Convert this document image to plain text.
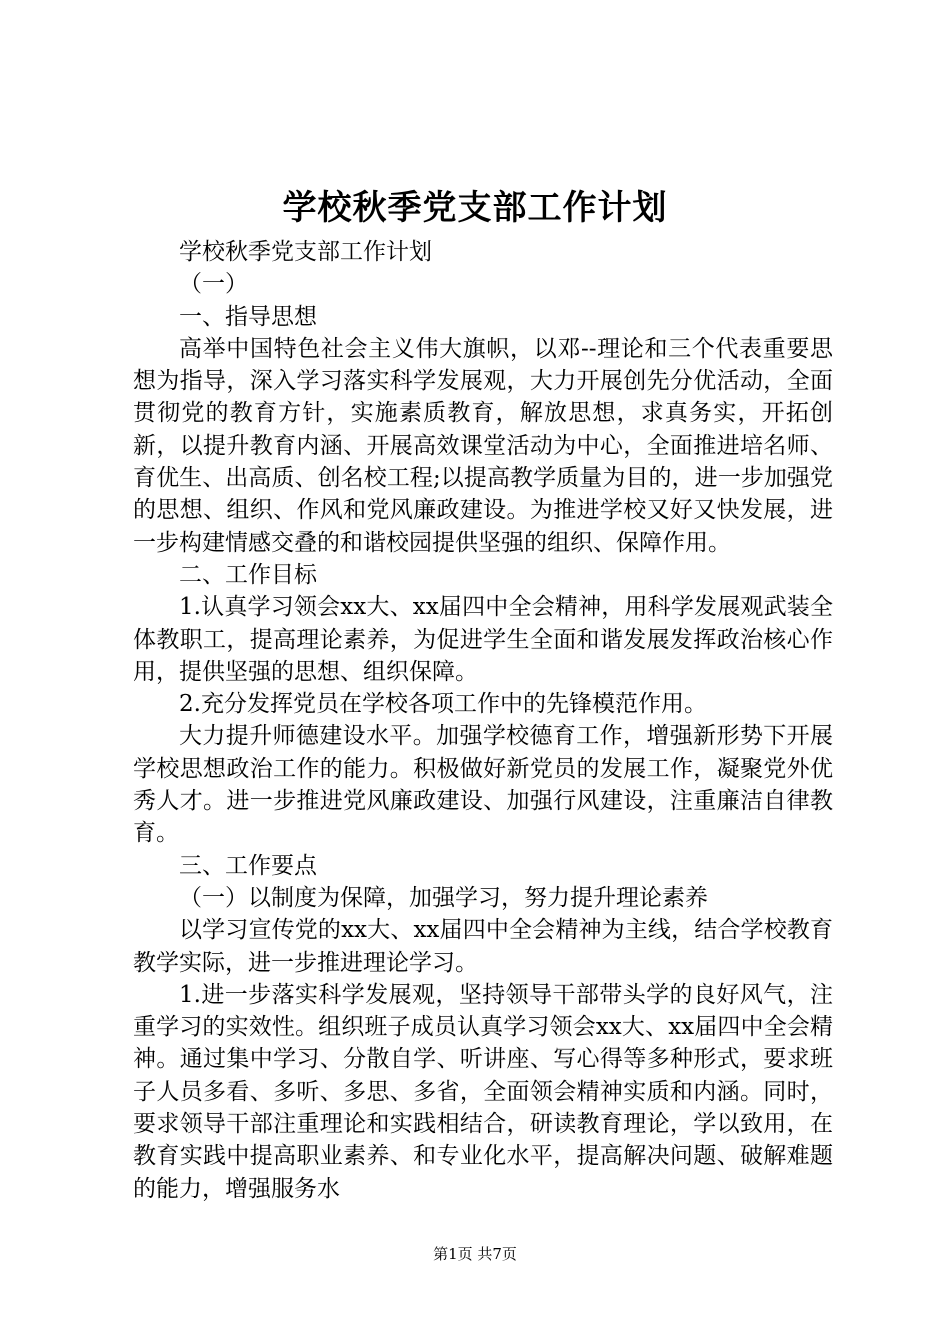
学校秋季党支部工作计划

学校秋季党支部工作计划

（一）

一、指导思想

高举中国特色社会主义伟大旗帜，以邓--理论和三个代表重要思想为指导，深入学习落实科学发展观，大力开展创先分优活动，全面贯彻党的教育方针，实施素质教育，解放思想，求真务实，开拓创新，以提升教育内涵、开展高效课堂活动为中心，全面推进培名师、育优生、出高质、创名校工程;以提高教学质量为目的，进一步加强党的思想、组织、作风和党风廉政建设。为推进学校又好又快发展，进一步构建情感交叠的和谐校园提供坚强的组织、保障作用。

二、工作目标

1.认真学习领会xx大、xx届四中全会精神，用科学发展观武装全体教职工，提高理论素养，为促进学生全面和谐发展发挥政治核心作用，提供坚强的思想、组织保障。

2.充分发挥党员在学校各项工作中的先锋模范作用。

大力提升师德建设水平。加强学校德育工作，增强新形势下开展学校思想政治工作的能力。积极做好新党员的发展工作，凝聚党外优秀人才。进一步推进党风廉政建设、加强行风建设，注重廉洁自律教育。

三、工作要点

（一）以制度为保障，加强学习，努力提升理论素养

以学习宣传党的xx大、xx届四中全会精神为主线，结合学校教育教学实际，进一步推进理论学习。

1.进一步落实科学发展观，坚持领导干部带头学的良好风气，注重学习的实效性。组织班子成员认真学习领会xx大、xx届四中全会精神。通过集中学习、分散自学、听讲座、写心得等多种形式，要求班子人员多看、多听、多思、多省，全面领会精神实质和内涵。同时，要求领导干部注重理论和实践相结合，研读教育理论，学以致用，在教育实践中提高职业素养、和专业化水平，提高解决问题、破解难题的能力，增强服务水

第1页 共7页
